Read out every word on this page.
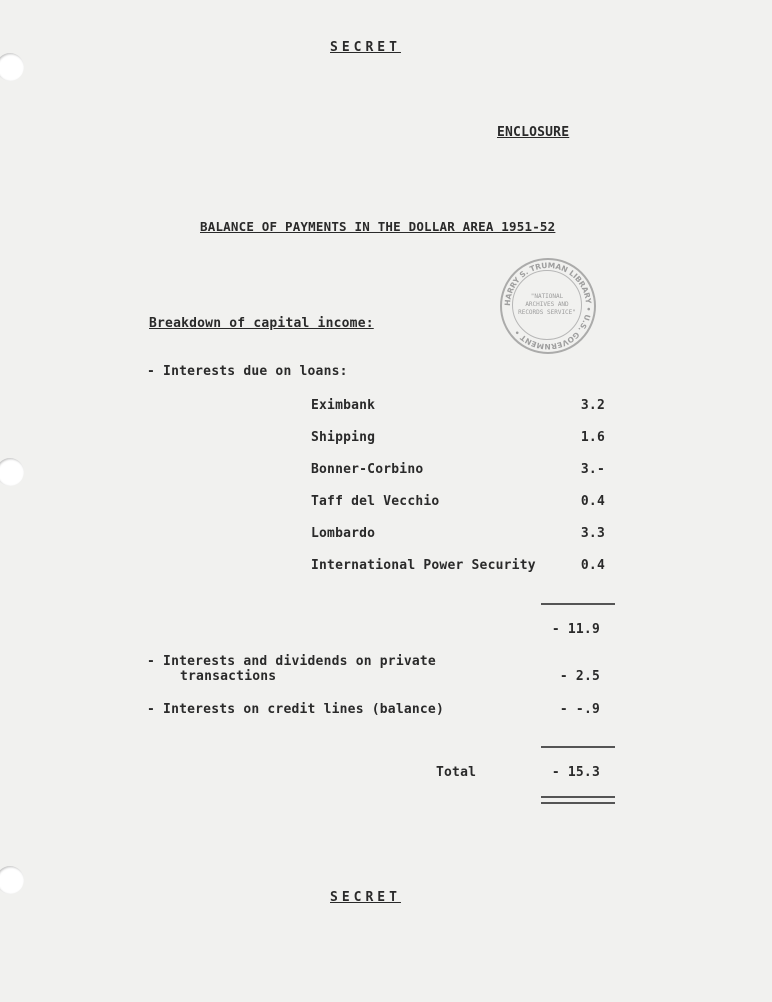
SECRET
ENCLOSURE
BALANCE OF PAYMENTS IN THE DOLLAR AREA 1951-52
HARRY S. TRUMAN LIBRARY • U.S. GOVERNMENT •
"NATIONAL ARCHIVES AND RECORDS SERVICE"
Breakdown of capital income:
- Interests due on loans:
Eximbank	3.2
Shipping	1.6
Bonner-Corbino	3.-
Taff del Vecchio	0.4
Lombardo	3.3
International Power Security	0.4
- 11.9
- Interests and dividends on private
transactions	- 2.5
- Interests on credit lines (balance)	- -.9
Total	- 15.3
SECRET
